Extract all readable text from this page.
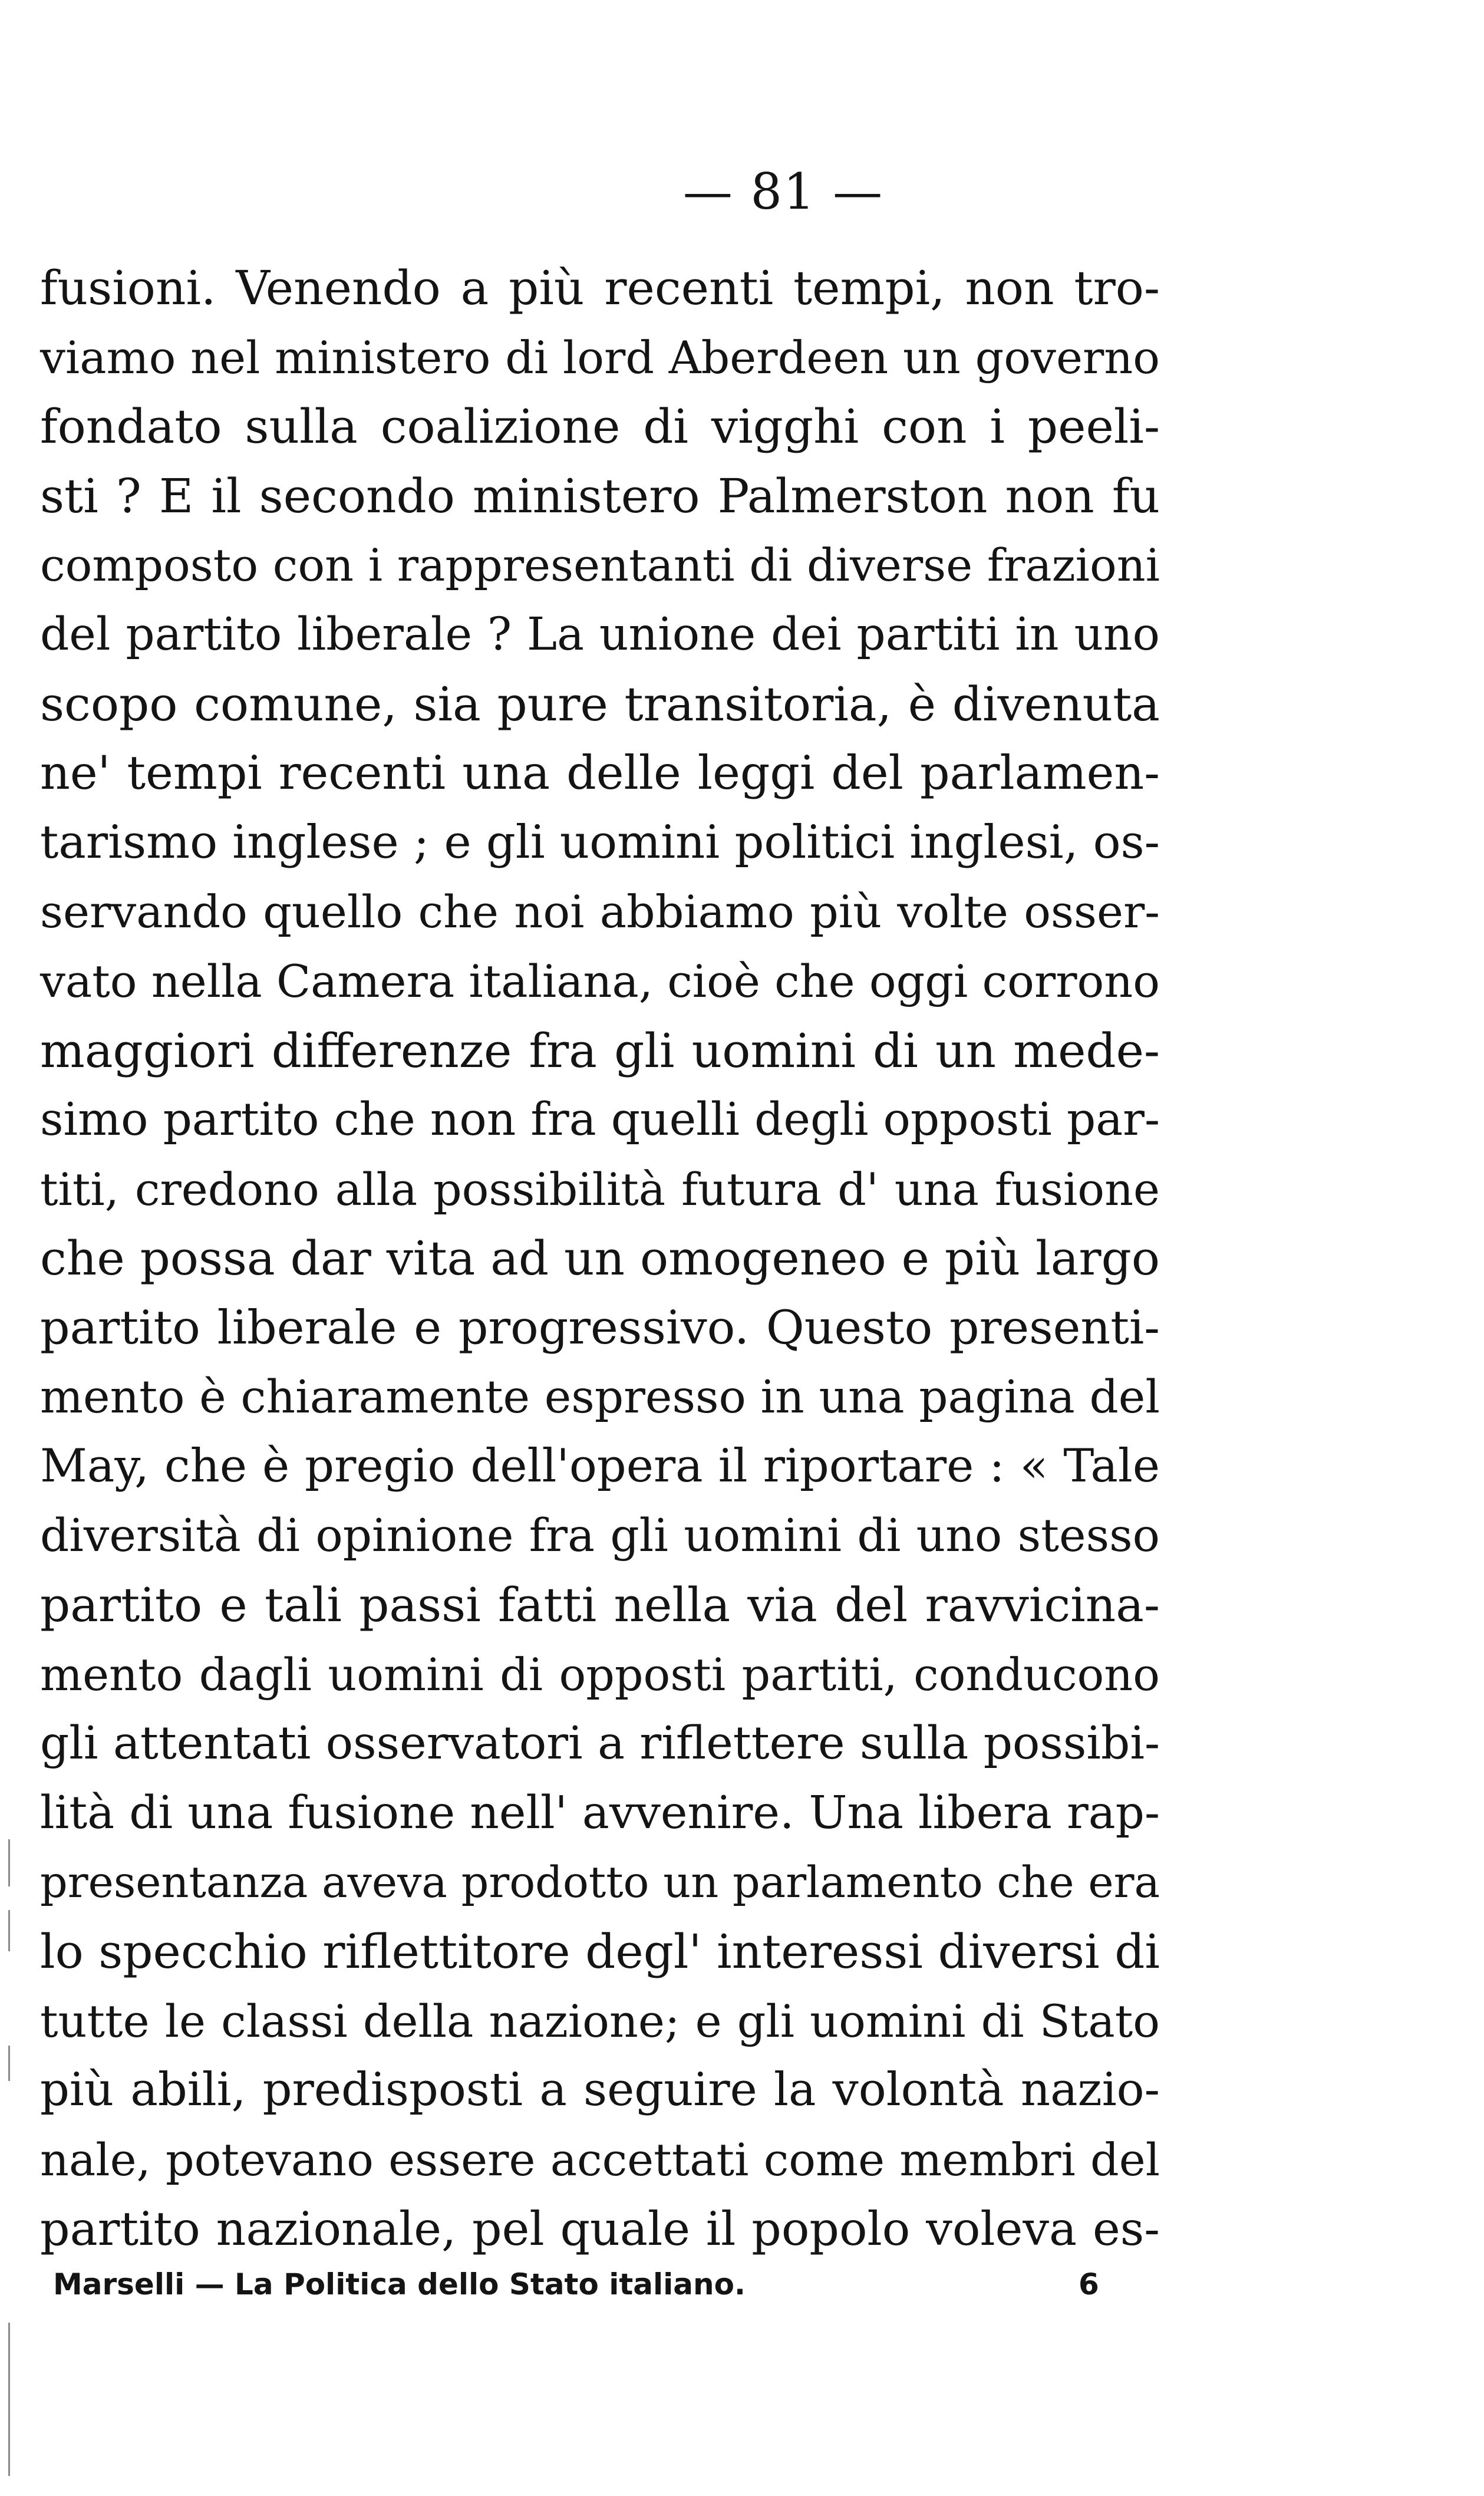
— 81 —
fusioni. Venendo a più recenti tempi, non tro-
viamo nel ministero di lord Aberdeen un governo
fondato sulla coalizione di vigghi con i peeli-
sti ? E il secondo ministero Palmerston non fu
composto con i rappresentanti di diverse frazioni
del partito liberale ? La unione dei partiti in uno
scopo comune, sia pure transitoria, è divenuta
ne' tempi recenti una delle leggi del parlamen-
tarismo inglese ; e gli uomini politici inglesi, os-
servando quello che noi abbiamo più volte osser-
vato nella Camera italiana, cioè che oggi corrono
maggiori differenze fra gli uomini di un mede-
simo partito che non fra quelli degli opposti par-
titi, credono alla possibilità futura d' una fusione
che possa dar vita ad un omogeneo e più largo
partito liberale e progressivo. Questo presenti-
mento è chiaramente espresso in una pagina del
May, che è pregio dell'opera il riportare : « Tale
diversità di opinione fra gli uomini di uno stesso
partito e tali passi fatti nella via del ravvicina-
mento dagli uomini di opposti partiti, conducono
gli attentati osservatori a riflettere sulla possibi-
lità di una fusione nell' avvenire. Una libera rap-
presentanza aveva prodotto un parlamento che era
lo specchio riflettitore degl' interessi diversi di
tutte le classi della nazione; e gli uomini di Stato
più abili, predisposti a seguire la volontà nazio-
nale, potevano essere accettati come membri del
partito nazionale, pel quale il popolo voleva es-
Marselli — La Politica dello Stato italiano.	6
